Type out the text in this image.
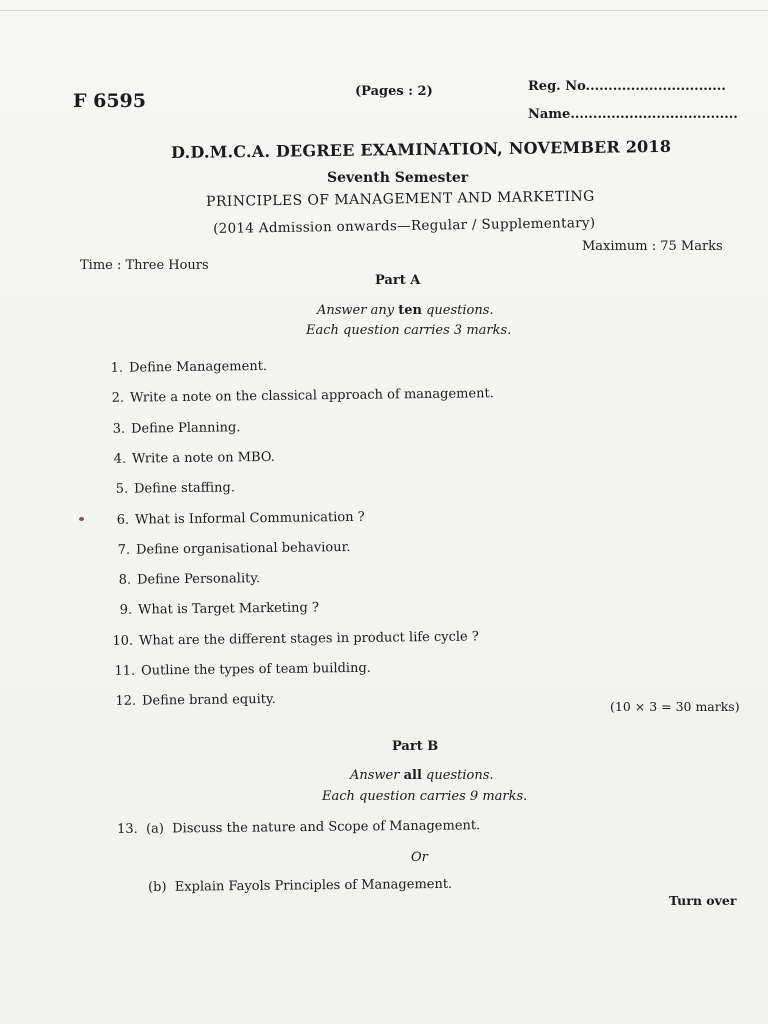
F 6595	(Pages : 2)	Reg. No...............................
Name.....................................
D.D.M.C.A. DEGREE EXAMINATION, NOVEMBER 2018
Seventh Semester
PRINCIPLES OF MANAGEMENT AND MARKETING
(2014 Admission onwards—Regular / Supplementary)
Maximum : 75 Marks
Time : Three Hours
Part A
Answer any ten questions.
Each question carries 3 marks.
1. Define Management.
2. Write a note on the classical approach of management.
3. Define Planning.
4. Write a note on MBO.
5. Define staffing.
6. What is Informal Communication ?
7. Define organisational behaviour.
8. Define Personality.
9. What is Target Marketing ?
10. What are the different stages in product life cycle ?
11. Outline the types of team building.
12. Define brand equity.	(10 × 3 = 30 marks)
Part B
Answer all questions.
Each question carries 9 marks.
13. (a) Discuss the nature and Scope of Management.
Or
(b) Explain Fayols Principles of Management.
Turn over
